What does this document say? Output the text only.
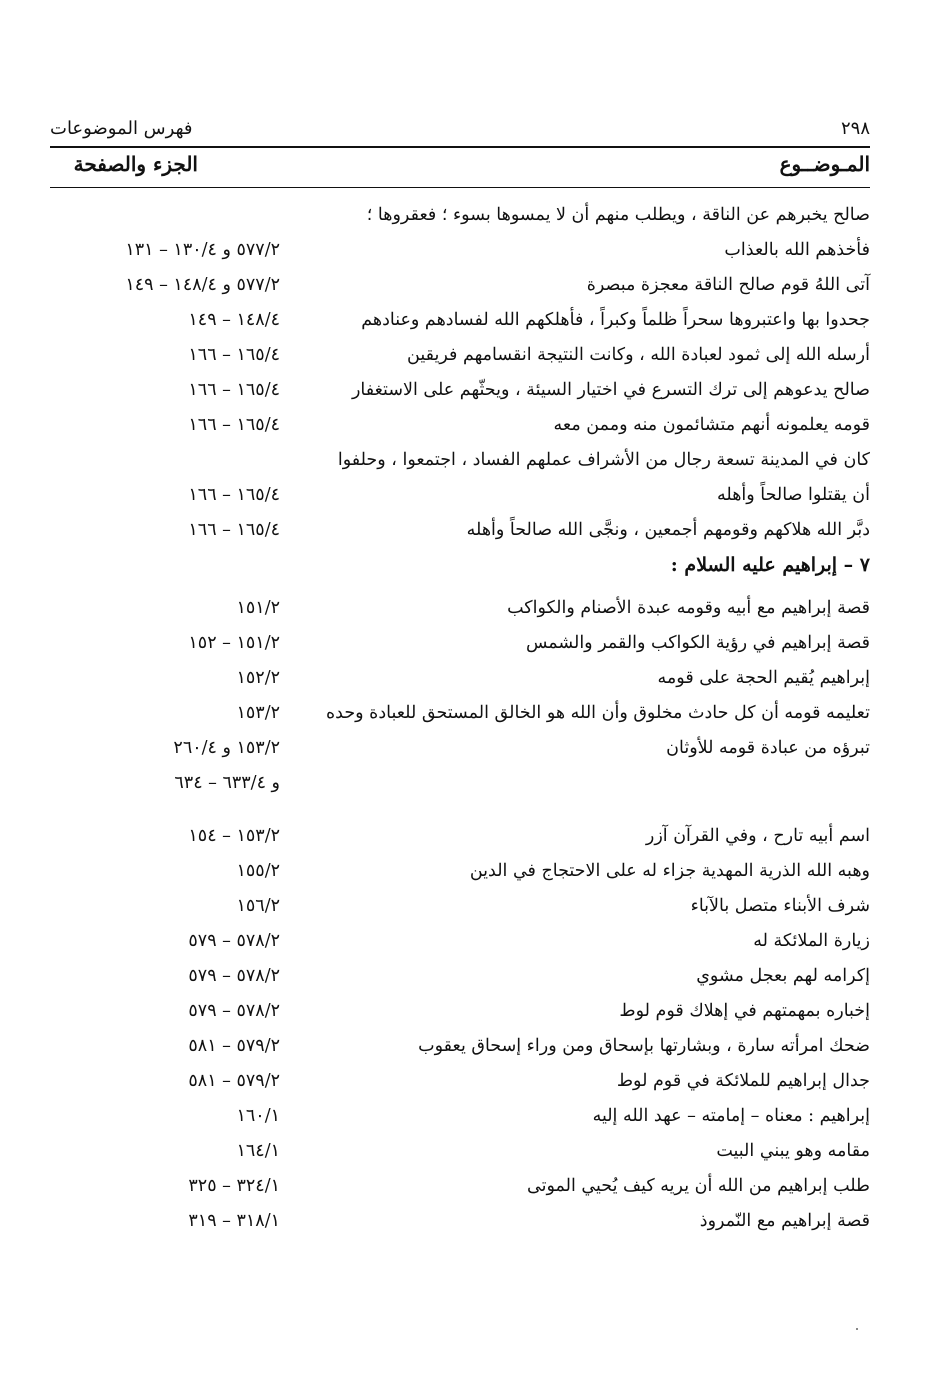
٢٩٨
فهرس الموضوعات
المـوضــوع
الجزء والصفحة
صالح يخبرهم عن الناقة ، ويطلب منهم أن لا يمسوها بسوء ؛ فعقروها ؛
فأخذهم الله بالعذاب
٥٧٧/٢ و ١٣٠/٤ – ١٣١
آتى اللهُ قوم صالح الناقة معجزة مبصرة
٥٧٧/٢ و ١٤٨/٤ – ١٤٩
جحدوا بها واعتبروها سحراً ظلماً وكبراً ، فأهلكهم الله لفسادهم وعنادهم
١٤٨/٤ – ١٤٩
أرسله الله إلى ثمود لعبادة الله ، وكانت النتيجة انقسامهم فريقين
١٦٥/٤ – ١٦٦
صالح يدعوهم إلى ترك التسرع في اختيار السيئة ، ويحثّهم على الاستغفار
١٦٥/٤ – ١٦٦
قومه يعلمونه أنهم متشائمون منه وممن معه
١٦٥/٤ – ١٦٦
كان في المدينة تسعة رجال من الأشراف عملهم الفساد ، اجتمعوا ، وحلفوا
أن يقتلوا صالحاً وأهله
١٦٥/٤ – ١٦٦
دبَّر الله هلاكهم وقومهم أجمعين ، ونجَّى الله صالحاً وأهله
١٦٥/٤ – ١٦٦
٧ – إبراهيم عليه السلام :
قصة إبراهيم مع أبيه وقومه عبدة الأصنام والكواكب
١٥١/٢
قصة إبراهيم في رؤية الكواكب والقمر والشمس
١٥١/٢ – ١٥٢
إبراهيم يُقيم الحجة على قومه
١٥٢/٢
تعليمه قومه أن كل حادث مخلوق وأن الله هو الخالق المستحق للعبادة وحده
١٥٣/٢
تبرؤه من عبادة قومه للأوثان
١٥٣/٢ و ٢٦٠/٤
و ٦٣٣/٤ – ٦٣٤
اسم أبيه تارح ، وفي القرآن آزر
١٥٣/٢ – ١٥٤
وهبه الله الذرية المهدية جزاء له على الاحتجاج في الدين
١٥٥/٢
شرف الأبناء متصل بالآباء
١٥٦/٢
زيارة الملائكة له
٥٧٨/٢ – ٥٧٩
إكرامه لهم بعجل مشوي
٥٧٨/٢ – ٥٧٩
إخباره بمهمتهم في إهلاك قوم لوط
٥٧٨/٢ – ٥٧٩
ضحك امرأته سارة ، وبشارتها بإسحاق ومن وراء إسحاق يعقوب
٥٧٩/٢ – ٥٨١
جدال إبراهيم للملائكة في قوم لوط
٥٧٩/٢ – ٥٨١
إبراهيم : معناه – إمامته – عهد الله إليه
١٦٠/١
مقامه وهو يبني البيت
١٦٤/١
طلب إبراهيم من الله أن يريه كيف يُحيي الموتى
٣٢٤/١ – ٣٢٥
قصة إبراهيم مع النّمروذ
٣١٨/١ – ٣١٩
